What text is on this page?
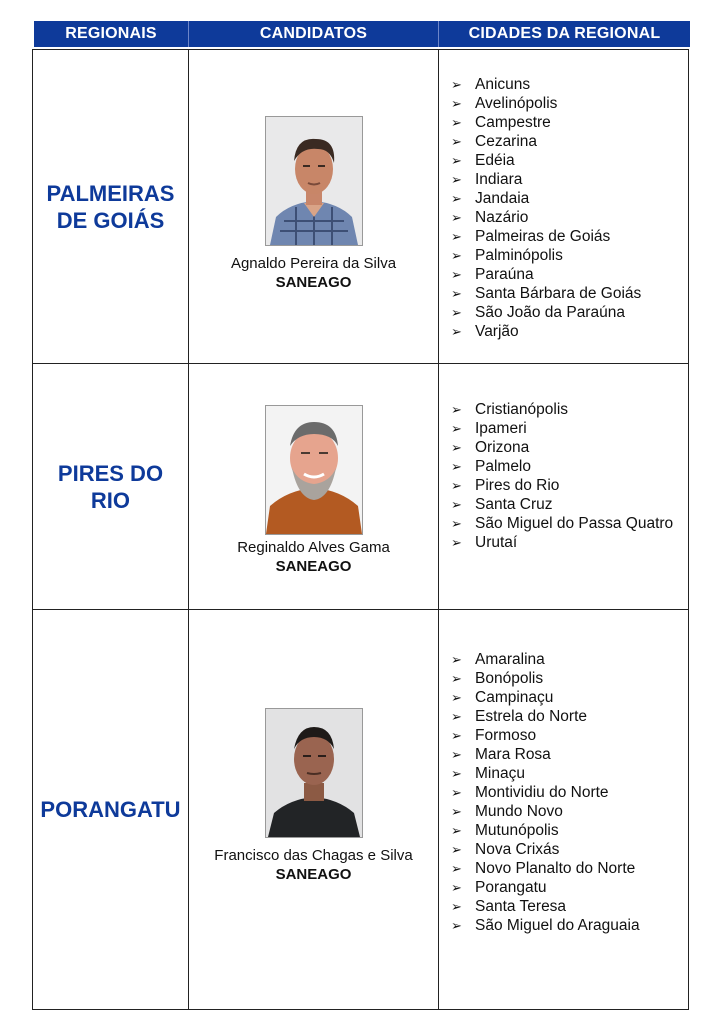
REGIONAIS	CANDIDATOS	CIDADES DA REGIONAL
PALMEIRAS
DE GOIÁS
Agnaldo Pereira da Silva
SANEAGO
➢ Anicuns
➢ Avelinópolis
➢ Campestre
➢ Cezarina
➢ Edéia
➢ Indiara
➢ Jandaia
➢ Nazário
➢ Palmeiras de Goiás
➢ Palminópolis
➢ Paraúna
➢ Santa Bárbara de Goiás
➢ São João da Paraúna
➢ Varjão
PIRES DO
RIO
Reginaldo Alves Gama
SANEAGO
➢ Cristianópolis
➢ Ipameri
➢ Orizona
➢ Palmelo
➢ Pires do Rio
➢ Santa Cruz
➢ São Miguel do Passa Quatro
➢ Urutaí
PORANGATU
Francisco das Chagas e Silva
SANEAGO
➢ Amaralina
➢ Bonópolis
➢ Campinaçu
➢ Estrela do Norte
➢ Formoso
➢ Mara Rosa
➢ Minaçu
➢ Montividiu do Norte
➢ Mundo Novo
➢ Mutunópolis
➢ Nova Crixás
➢ Novo Planalto do Norte
➢ Porangatu
➢ Santa Teresa
➢ São Miguel do Araguaia
